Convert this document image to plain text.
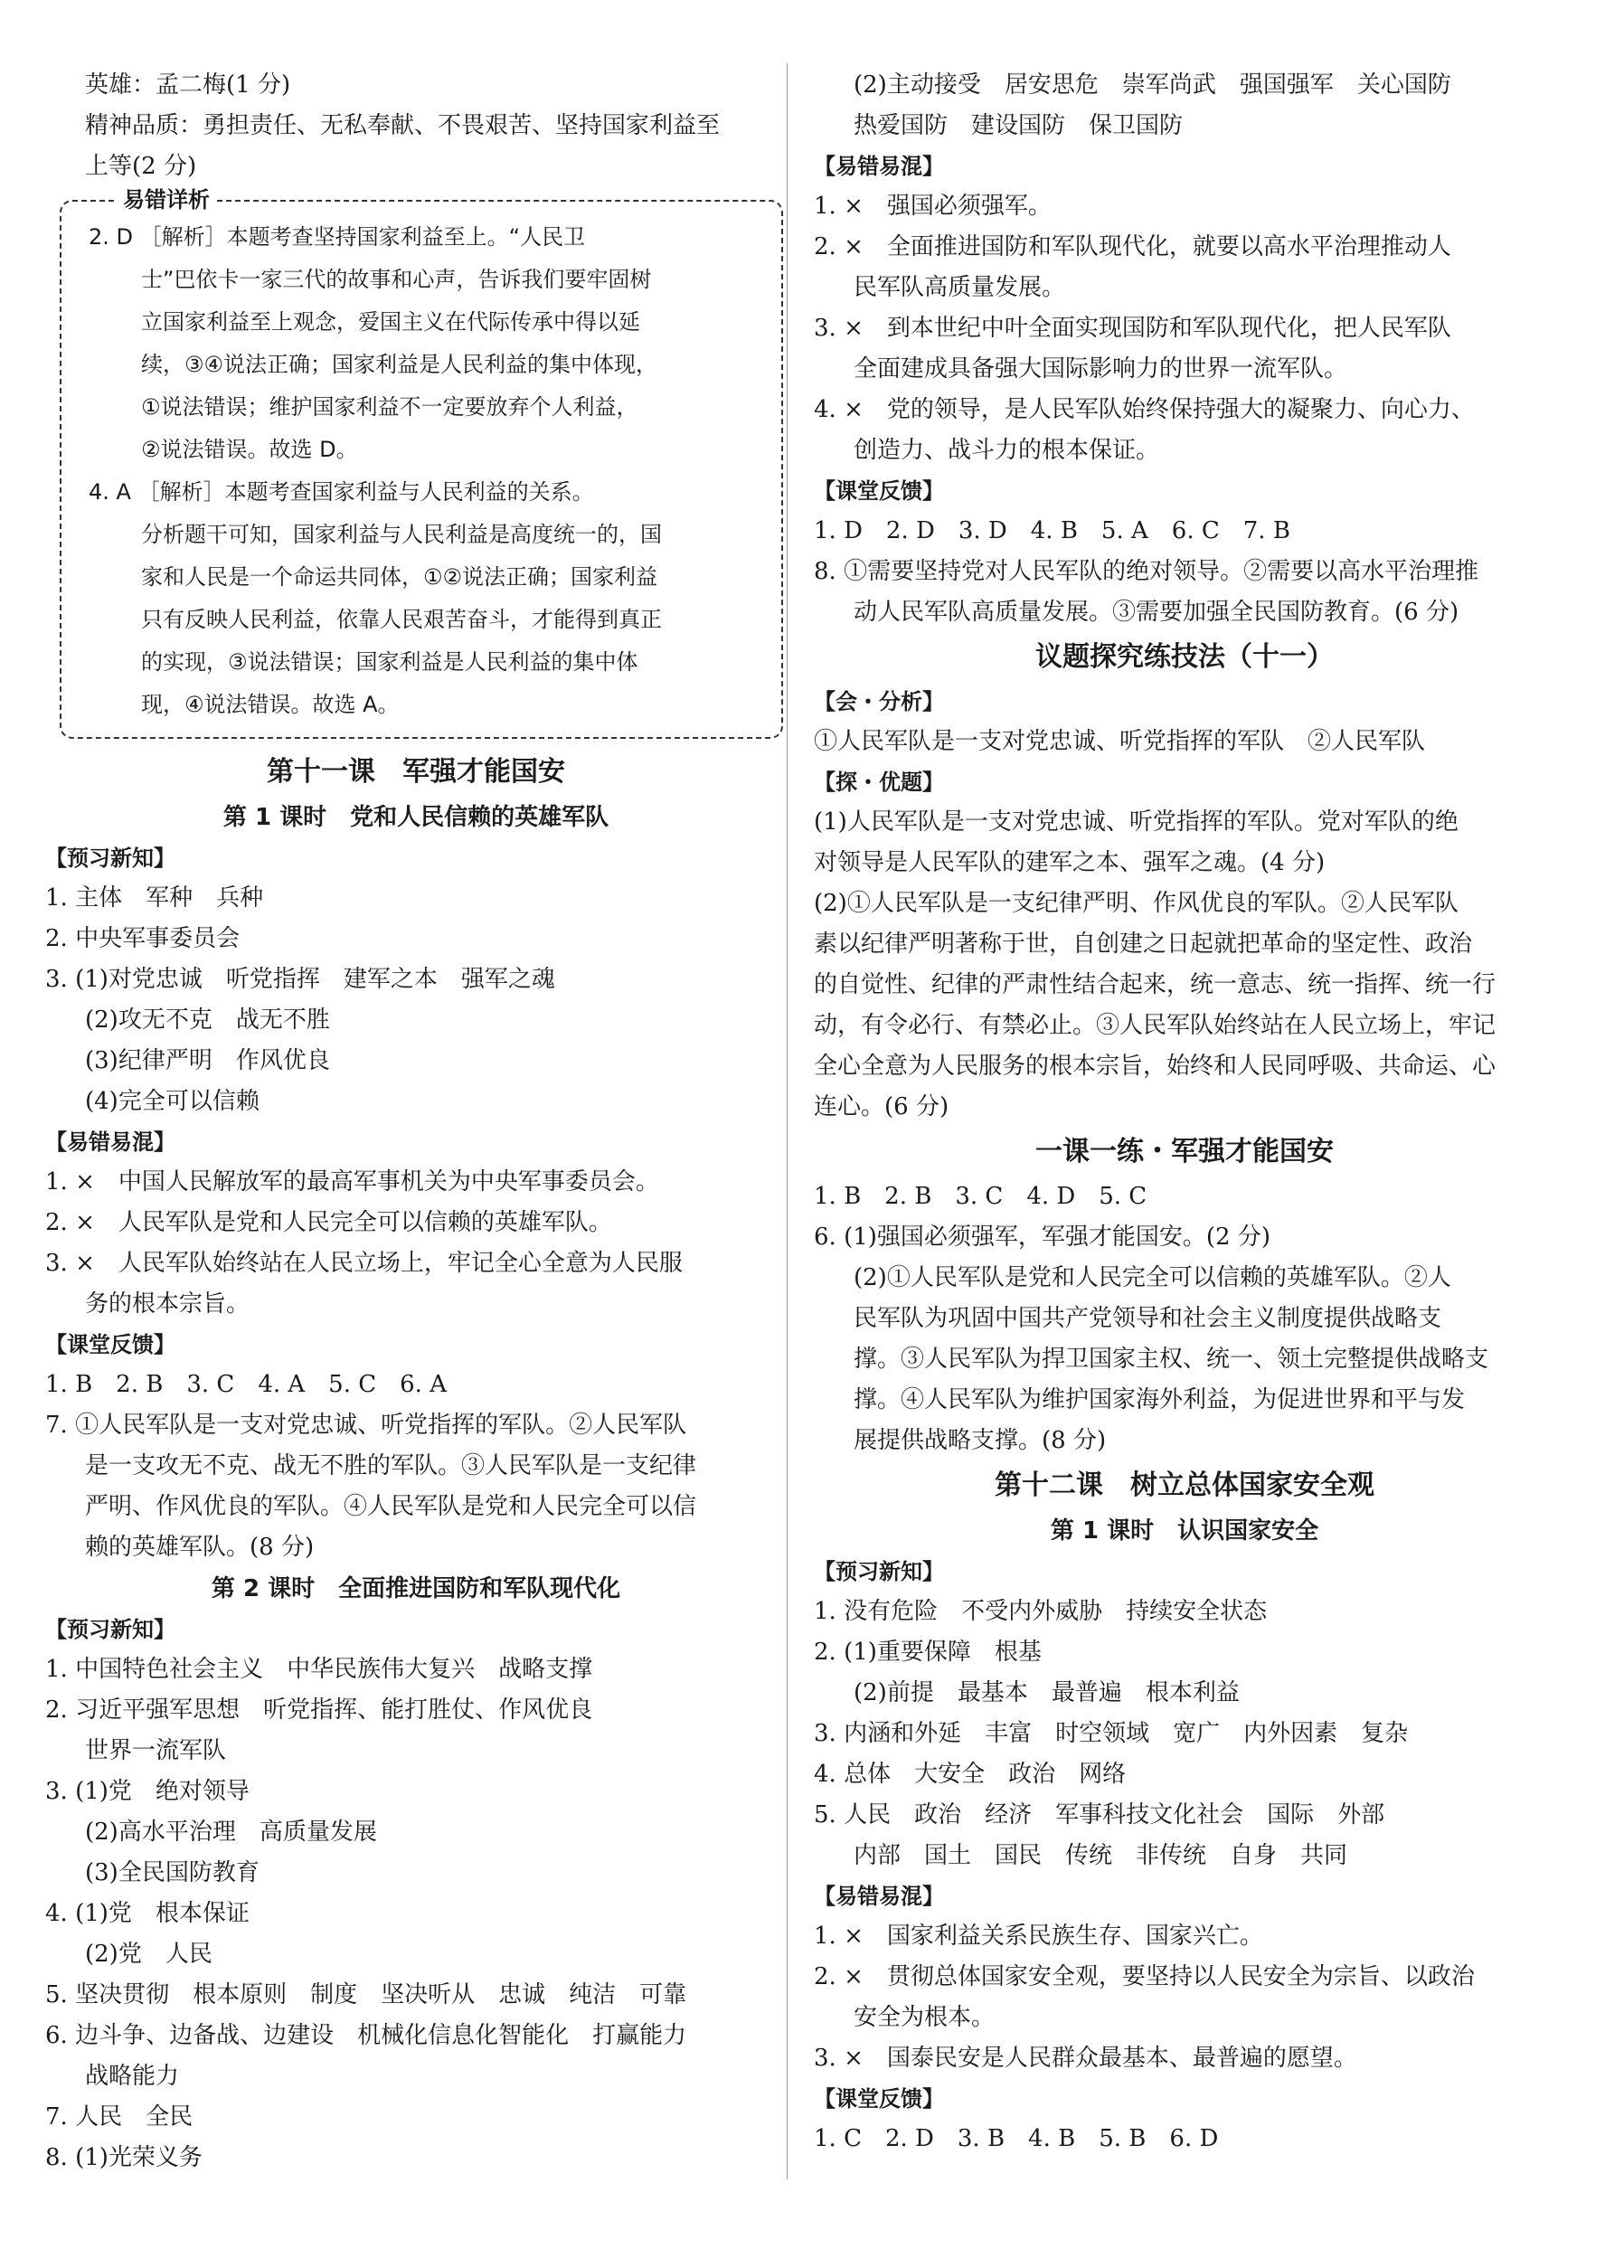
英雄：孟二梅(1 分)
精神品质：勇担责任、无私奉献、不畏艰苦、坚持国家利益至
上等(2 分)
易错详析
2. D ［解析］本题考查坚持国家利益至上。“人民卫
士”巴依卡一家三代的故事和心声，告诉我们要牢固树
立国家利益至上观念，爱国主义在代际传承中得以延
续，③④说法正确；国家利益是人民利益的集中体现，
①说法错误；维护国家利益不一定要放弃个人利益，
②说法错误。故选 D。
4. A ［解析］本题考查国家利益与人民利益的关系。
分析题干可知，国家利益与人民利益是高度统一的，国
家和人民是一个命运共同体，①②说法正确；国家利益
只有反映人民利益，依靠人民艰苦奋斗，才能得到真正
的实现，③说法错误；国家利益是人民利益的集中体
现，④说法错误。故选 A。
第十一课　军强才能国安
第 1 课时　党和人民信赖的英雄军队
【预习新知】
1. 主体　军种　兵种
2. 中央军事委员会
3. (1)对党忠诚　听党指挥　建军之本　强军之魂
(2)攻无不克　战无不胜
(3)纪律严明　作风优良
(4)完全可以信赖
【易错易混】
1. ×　中国人民解放军的最高军事机关为中央军事委员会。
2. ×　人民军队是党和人民完全可以信赖的英雄军队。
3. ×　人民军队始终站在人民立场上，牢记全心全意为人民服
务的根本宗旨。
【课堂反馈】
1. B　2. B　3. C　4. A　5. C　6. A
7. ①人民军队是一支对党忠诚、听党指挥的军队。②人民军队
是一支攻无不克、战无不胜的军队。③人民军队是一支纪律
严明、作风优良的军队。④人民军队是党和人民完全可以信
赖的英雄军队。(8 分)
第 2 课时　全面推进国防和军队现代化
【预习新知】
1. 中国特色社会主义　中华民族伟大复兴　战略支撑
2. 习近平强军思想　听党指挥、能打胜仗、作风优良
世界一流军队
3. (1)党　绝对领导
(2)高水平治理　高质量发展
(3)全民国防教育
4. (1)党　根本保证
(2)党　人民
5. 坚决贯彻　根本原则　制度　坚决听从　忠诚　纯洁　可靠
6. 边斗争、边备战、边建设　机械化信息化智能化　打赢能力
战略能力
7. 人民　全民
8. (1)光荣义务
(2)主动接受　居安思危　崇军尚武　强国强军　关心国防
热爱国防　建设国防　保卫国防
【易错易混】
1. ×　强国必须强军。
2. ×　全面推进国防和军队现代化，就要以高水平治理推动人
民军队高质量发展。
3. ×　到本世纪中叶全面实现国防和军队现代化，把人民军队
全面建成具备强大国际影响力的世界一流军队。
4. ×　党的领导，是人民军队始终保持强大的凝聚力、向心力、
创造力、战斗力的根本保证。
【课堂反馈】
1. D　2. D　3. D　4. B　5. A　6. C　7. B
8. ①需要坚持党对人民军队的绝对领导。②需要以高水平治理推
动人民军队高质量发展。③需要加强全民国防教育。(6 分)
议题探究练技法（十一）
【会・分析】
①人民军队是一支对党忠诚、听党指挥的军队　②人民军队
【探・优题】
(1)人民军队是一支对党忠诚、听党指挥的军队。党对军队的绝
对领导是人民军队的建军之本、强军之魂。(4 分)
(2)①人民军队是一支纪律严明、作风优良的军队。②人民军队
素以纪律严明著称于世，自创建之日起就把革命的坚定性、政治
的自觉性、纪律的严肃性结合起来，统一意志、统一指挥、统一行
动，有令必行、有禁必止。③人民军队始终站在人民立场上，牢记
全心全意为人民服务的根本宗旨，始终和人民同呼吸、共命运、心
连心。(6 分)
一课一练・军强才能国安
1. B　2. B　3. C　4. D　5. C
6. (1)强国必须强军，军强才能国安。(2 分)
(2)①人民军队是党和人民完全可以信赖的英雄军队。②人
民军队为巩固中国共产党领导和社会主义制度提供战略支
撑。③人民军队为捍卫国家主权、统一、领土完整提供战略支
撑。④人民军队为维护国家海外利益，为促进世界和平与发
展提供战略支撑。(8 分)
第十二课　树立总体国家安全观
第 1 课时　认识国家安全
【预习新知】
1. 没有危险　不受内外威胁　持续安全状态
2. (1)重要保障　根基
(2)前提　最基本　最普遍　根本利益
3. 内涵和外延　丰富　时空领域　宽广　内外因素　复杂
4. 总体　大安全　政治　网络
5. 人民　政治　经济　军事科技文化社会　国际　外部
内部　国土　国民　传统　非传统　自身　共同
【易错易混】
1. ×　国家利益关系民族生存、国家兴亡。
2. ×　贯彻总体国家安全观，要坚持以人民安全为宗旨、以政治
安全为根本。
3. ×　国泰民安是人民群众最基本、最普遍的愿望。
【课堂反馈】
1. C　2. D　3. B　4. B　5. B　6. D
